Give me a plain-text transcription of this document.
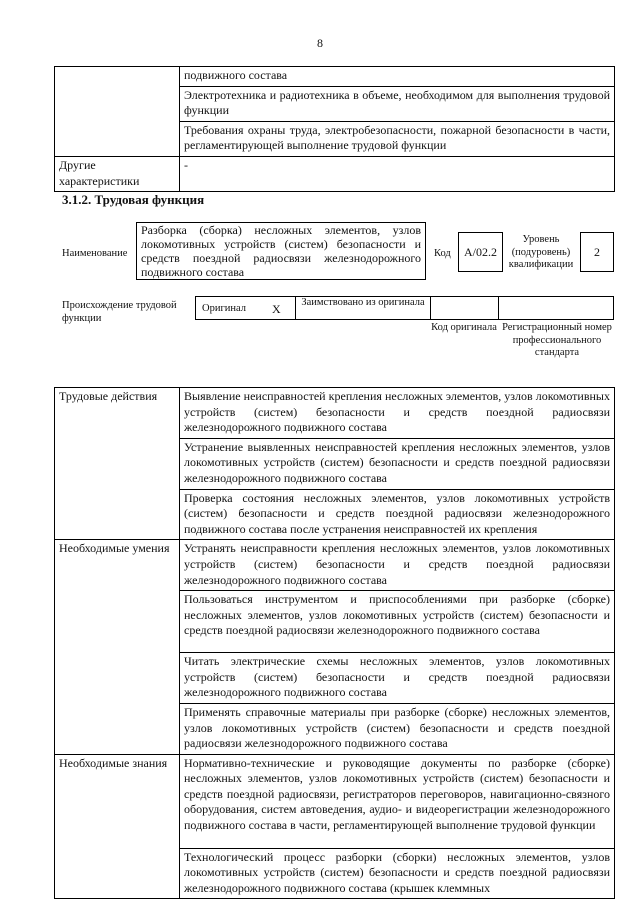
8
	подвижного состава
	Электротехника и радиотехника в объеме, необходимом для выполнения трудовой функции
	Требования охраны труда, электробезопасности, пожарной безопасности в части, регламентирующей выполнение трудовой функции
Другие характеристики	-
3.1.2. Трудовая функция
Наименование
Разборка (сборка) несложных элементов, узлов локомотивных устройств (систем) безопасности и средств поездной радиосвязи железнодорожного подвижного состава
Код	A/02.2
Уровень (подуровень) квалификации
2
Происхождение трудовой функции
Оригинал X	Заимствовано из оригинала
Код оригинала Регистрационный номер профессионального стандарта
Трудовые действия	Выявление неисправностей крепления несложных элементов, узлов локомотивных устройств (систем) безопасности и средств поездной радиосвязи железнодорожного подвижного состава
	Устранение выявленных неисправностей крепления несложных элементов, узлов локомотивных устройств (систем) безопасности и средств поездной радиосвязи железнодорожного подвижного состава
	Проверка состояния несложных элементов, узлов локомотивных устройств (систем) безопасности и средств поездной радиосвязи железнодорожного подвижного состава после устранения неисправностей их крепления
Необходимые умения	Устранять неисправности крепления несложных элементов, узлов локомотивных устройств (систем) безопасности и средств поездной радиосвязи железнодорожного подвижного состава
	Пользоваться инструментом и приспособлениями при разборке (сборке) несложных элементов, узлов локомотивных устройств (систем) безопасности и средств поездной радиосвязи железнодорожного подвижного состава
	Читать электрические схемы несложных элементов, узлов локомотивных устройств (систем) безопасности и средств поездной радиосвязи железнодорожного подвижного состава
	Применять справочные материалы при разборке (сборке) несложных элементов, узлов локомотивных устройств (систем) безопасности и средств поездной радиосвязи железнодорожного подвижного состава
Необходимые знания	Нормативно-технические и руководящие документы по разборке (сборке) несложных элементов, узлов локомотивных устройств (систем) безопасности и средств поездной радиосвязи, регистраторов переговоров, навигационно-связного оборудования, систем автоведения, аудио- и видеорегистрации железнодорожного подвижного состава в части, регламентирующей выполнение трудовой функции
	Технологический процесс разборки (сборки) несложных элементов, узлов локомотивных устройств (систем) безопасности и средств поездной радиосвязи железнодорожного подвижного состава (крышек клеммных
